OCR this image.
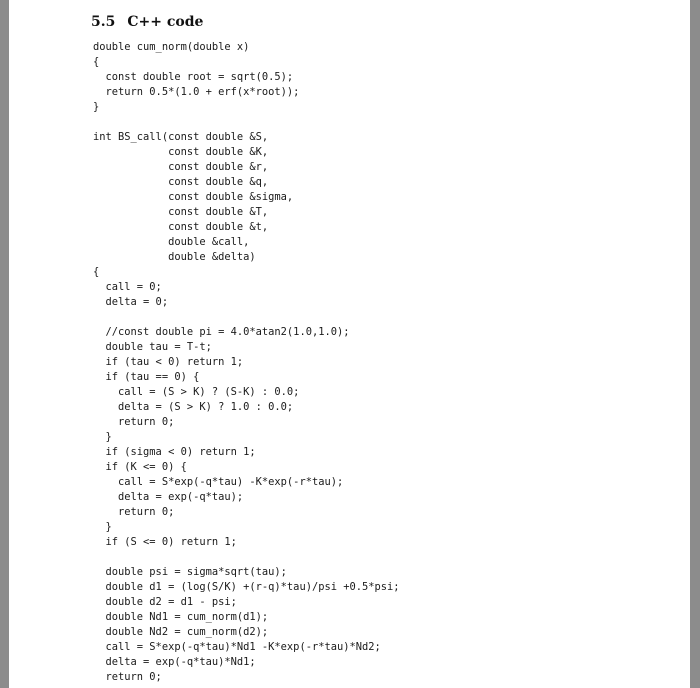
5.5 C++ code
double cum_norm(double x)
{
const double root = sqrt(0.5);
return 0.5*(1.0 + erf(x*root));
}
int BS_call(const double &S,
const double &K,
const double &r,
const double &q,
const double &sigma,
const double &T,
const double &t,
double &call,
double &delta)
{
call = 0;
delta = 0;
//const double pi = 4.0*atan2(1.0,1.0);
double tau = T-t;
if (tau < 0) return 1;
if (tau == 0) {
call = (S > K) ? (S-K) : 0.0;
delta = (S > K) ? 1.0 : 0.0;
return 0;
}
if (sigma < 0) return 1;
if (K <= 0) {
call = S*exp(-q*tau) -K*exp(-r*tau);
delta = exp(-q*tau);
return 0;
}
if (S <= 0) return 1;
double psi = sigma*sqrt(tau);
double d1 = (log(S/K) +(r-q)*tau)/psi +0.5*psi;
double d2 = d1 - psi;
double Nd1 = cum_norm(d1);
double Nd2 = cum_norm(d2);
call = S*exp(-q*tau)*Nd1 -K*exp(-r*tau)*Nd2;
delta = exp(-q*tau)*Nd1;
return 0;
